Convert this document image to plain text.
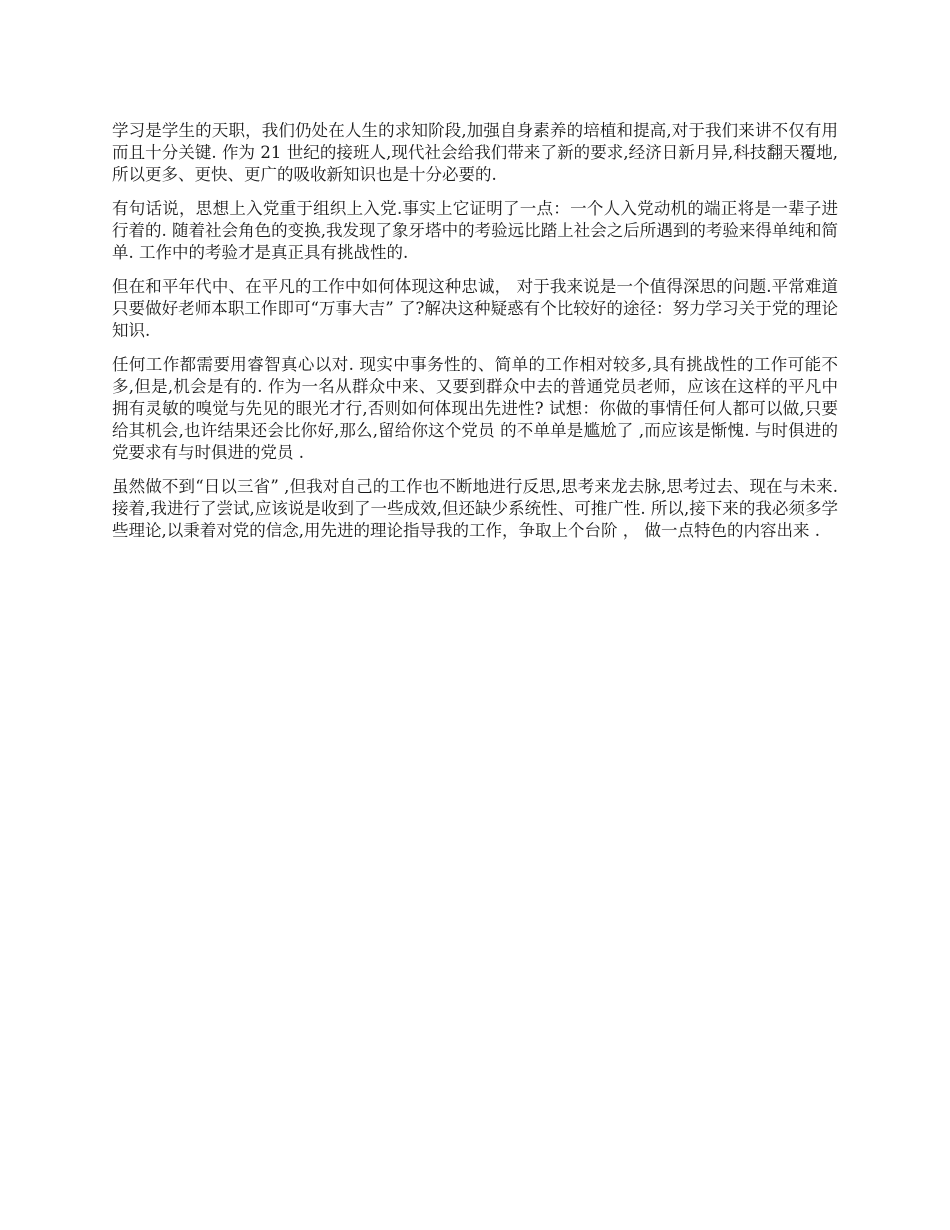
学习是学生的天职，我们仍处在人生的求知阶段,加强自身素养的培植和提高,对于我们来讲不仅有用而且十分关键. 作为 21 世纪的接班人,现代社会给我们带来了新的要求,经济日新月异,科技翻天覆地,所以更多、更快、更广的吸收新知识也是十分必要的.

有句话说，思想上入党重于组织上入党.事实上它证明了一点：一个人入党动机的端正将是一辈子进行着的. 随着社会角色的变换,我发现了象牙塔中的考验远比踏上社会之后所遇到的考验来得单纯和简单. 工作中的考验才是真正具有挑战性的.

但在和平年代中、在平凡的工作中如何体现这种忠诚， 对于我来说是一个值得深思的问题.平常难道只要做好老师本职工作即可“万事大吉” 了?解决这种疑惑有个比较好的途径：努力学习关于党的理论知识.

任何工作都需要用睿智真心以对. 现实中事务性的、简单的工作相对较多,具有挑战性的工作可能不多,但是,机会是有的. 作为一名从群众中来、又要到群众中去的普通党员老师，应该在这样的平凡中拥有灵敏的嗅觉与先见的眼光才行,否则如何体现出先进性? 试想：你做的事情任何人都可以做,只要给其机会,也许结果还会比你好,那么,留给你这个党员 的不单单是尴尬了 ,而应该是惭愧. 与时俱进的党要求有与时俱进的党员 .

虽然做不到“日以三省” ,但我对自己的工作也不断地进行反思,思考来龙去脉,思考过去、现在与未来. 接着,我进行了尝试,应该说是收到了一些成效,但还缺少系统性、可推广性. 所以,接下来的我必须多学些理论,以秉着对党的信念,用先进的理论指导我的工作，争取上个台阶 ， 做一点特色的内容出来 .
